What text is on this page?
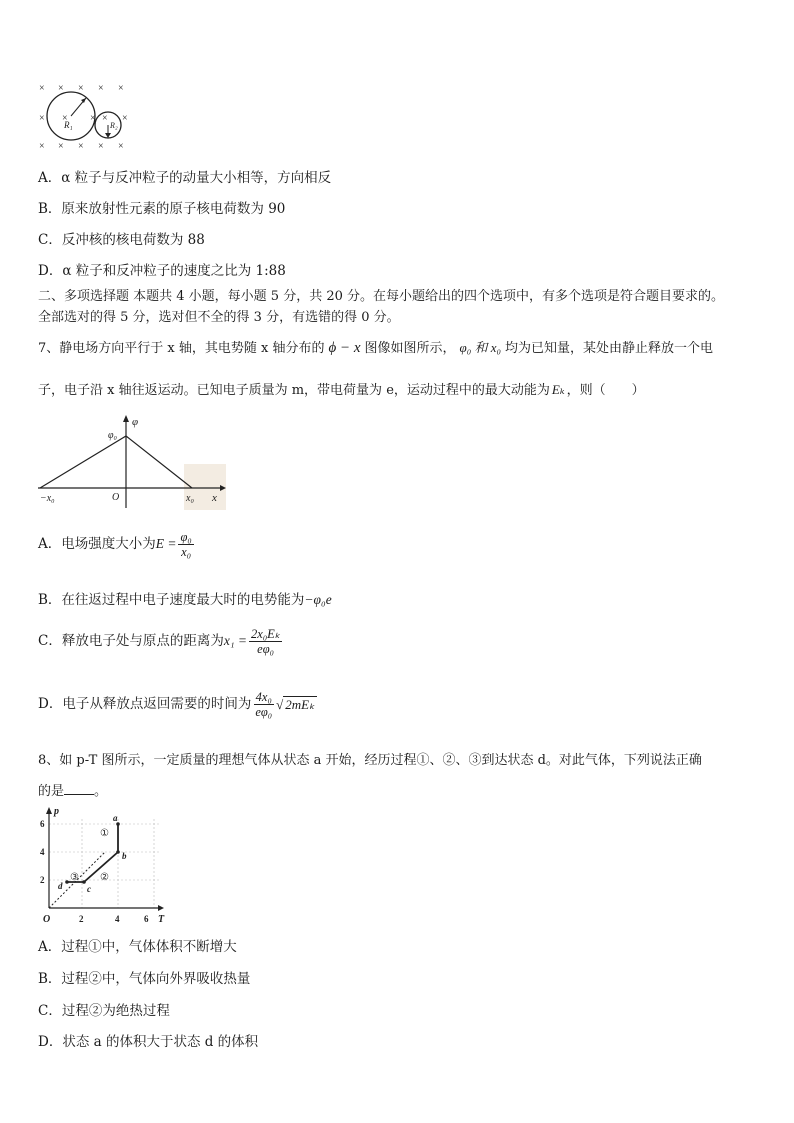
× × × × ×
× × × × ×
× × × × ×
R₁	R₂
A．α 粒子与反冲粒子的动量大小相等，方向相反
B．原来放射性元素的原子核电荷数为 90
C．反冲核的核电荷数为 88
D．α 粒子和反冲粒子的速度之比为 1:88
二、多项选择题 本题共 4 小题，每小题 5 分，共 20 分。在每小题给出的四个选项中，有多个选项是符合题目要求的。
全部选对的得 5 分，选对但不全的得 3 分，有选错的得 0 分。
7、静电场方向平行于 x 轴，其电势随 x 轴分布的 ϕ − x 图像如图所示， φ₀ 和 x₀ 均为已知量，某处由静止释放一个电
子，电子沿 x 轴往返运动。已知电子质量为 m，带电荷量为 e，运动过程中的最大动能为 Eₖ ，则（　　）
φ
φ₀
O
−x₀	x₀ x
A．电场强度大小为$E = \frac{\text{φ₀}}{\text{x₀}}$
B．在往返过程中电子速度最大时的电势能为−φ₀e
C．释放电子处与原点的距离为$x_1 = \frac{\text{2x₀Eₖ}}{\text{eφ₀}}$
D．电子从释放点返回需要的时间为 $\frac{\text{4x₀}}{\text{eφ₀}}$ √ 2mEₖ
8、如 p-T 图所示，一定质量的理想气体从状态 a 开始，经历过程①、②、③到达状态 d。对此气体，下列说法正确
的是 。
p
T
O
2
4
6
2	4	6
a
b
c
d
①
②
③
A．过程①中，气体体积不断增大
B．过程②中，气体向外界吸收热量
C．过程②为绝热过程
D．状态 a 的体积大于状态 d 的体积
